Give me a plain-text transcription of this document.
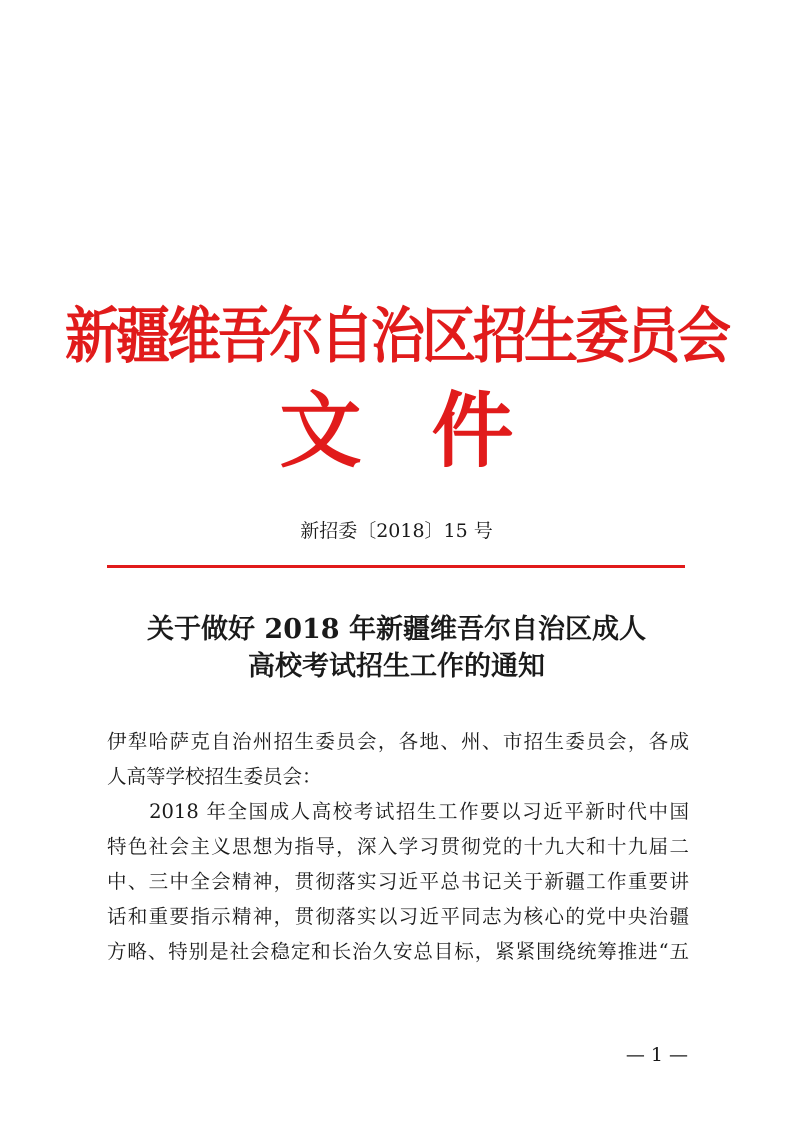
新疆维吾尔自治区招生委员会
文件
新招委〔2018〕15 号
关于做好 2018 年新疆维吾尔自治区成人
高校考试招生工作的通知
伊犁哈萨克自治州招生委员会，各地、州、市招生委员会，各成
人高等学校招生委员会：
　　2018 年全国成人高校考试招生工作要以习近平新时代中国
特色社会主义思想为指导，深入学习贯彻党的十九大和十九届二
中、三中全会精神，贯彻落实习近平总书记关于新疆工作重要讲
话和重要指示精神，贯彻落实以习近平同志为核心的党中央治疆
方略、特别是社会稳定和长治久安总目标，紧紧围绕统筹推进“五
— 1 —
